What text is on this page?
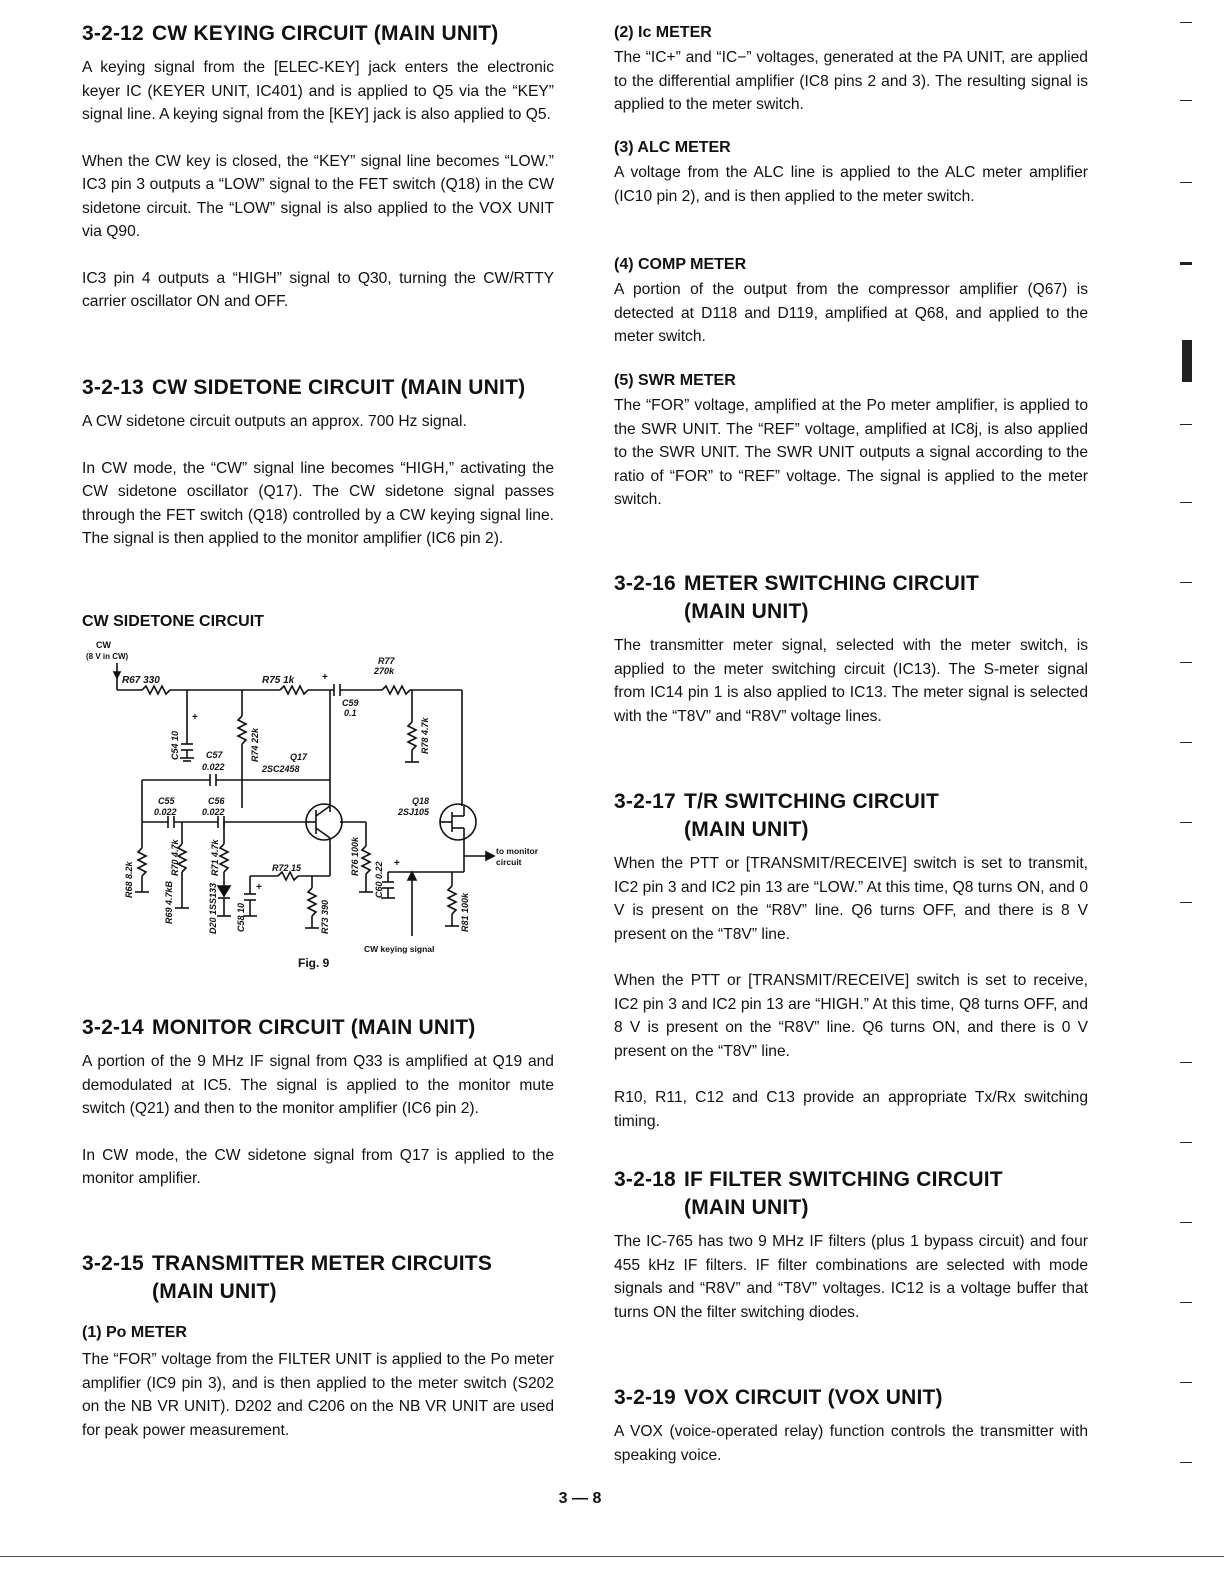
3-2-12 CW KEYING CIRCUIT (MAIN UNIT)

A keying signal from the [ELEC-KEY] jack enters the electronic keyer IC (KEYER UNIT, IC401) and is applied to Q5 via the “KEY” signal line. A keying signal from the [KEY] jack is also applied to Q5.

When the CW key is closed, the “KEY” signal line becomes “LOW.” IC3 pin 3 outputs a “LOW” signal to the FET switch (Q18) in the CW sidetone circuit. The “LOW” signal is also applied to the VOX UNIT via Q90.

IC3 pin 4 outputs a “HIGH” signal to Q30, turning the CW/RTTY carrier oscillator ON and OFF.

3-2-13 CW SIDETONE CIRCUIT (MAIN UNIT)

A CW sidetone circuit outputs an approx. 700 Hz signal.

In CW mode, the “CW” signal line becomes “HIGH,” activating the CW sidetone oscillator (Q17). The CW sidetone signal passes through the FET switch (Q18) controlled by a CW keying signal line. The signal is then applied to the monitor amplifier (IC6 pin 2).

CW SIDETONE CIRCUIT
CW
(8 V in CW)
R67 330	R75 1k	+
C59
0.1
R77
270k
+
C54 10	R74 22k
C57
0.022
Q17
2SC2458
C55
0.022
C56
0.022
Q18
2SJ105
R78 4.7k
R68 8.2k
R70 4.7k
R69 4.7kB
R71 4.7k
D20 1SS133	+
C58 10
R72 15
R73 390
R76 100k	+
C60 0.22
to monitor
circuit
R81 100k
CW keying signal
Fig. 9
3-2-14 MONITOR CIRCUIT (MAIN UNIT)

A portion of the 9 MHz IF signal from Q33 is amplified at Q19 and demodulated at IC5. The signal is applied to the monitor mute switch (Q21) and then to the monitor amplifier (IC6 pin 2).

In CW mode, the CW sidetone signal from Q17 is applied to the monitor amplifier.

3-2-15 TRANSMITTER METER CIRCUITS
(MAIN UNIT)
(1) Po METER

The “FOR” voltage from the FILTER UNIT is applied to the Po meter amplifier (IC9 pin 3), and is then applied to the meter switch (S202 on the NB VR UNIT). D202 and C206 on the NB VR UNIT are used for peak power measurement.

(2) Ic METER

The “IC+” and “IC−” voltages, generated at the PA UNIT, are applied to the differential amplifier (IC8 pins 2 and 3). The resulting signal is applied to the meter switch.

(3) ALC METER

A voltage from the ALC line is applied to the ALC meter amplifier (IC10 pin 2), and is then applied to the meter switch.

(4) COMP METER

A portion of the output from the compressor amplifier (Q67) is detected at D118 and D119, amplified at Q68, and applied to the meter switch.

(5) SWR METER

The “FOR” voltage, amplified at the Po meter amplifier, is applied to the SWR UNIT. The “REF” voltage, amplified at IC8j, is also applied to the SWR UNIT. The SWR UNIT outputs a signal according to the ratio of “FOR” to “REF” voltage. The signal is applied to the meter switch.

3-2-16 METER SWITCHING CIRCUIT
(MAIN UNIT)

The transmitter meter signal, selected with the meter switch, is applied to the meter switching circuit (IC13). The S-meter signal from IC14 pin 1 is also applied to IC13. The meter signal is selected with the “T8V” and “R8V” voltage lines.

3-2-17 T/R SWITCHING CIRCUIT
(MAIN UNIT)

When the PTT or [TRANSMIT/RECEIVE] switch is set to transmit, IC2 pin 3 and IC2 pin 13 are “LOW.” At this time, Q8 turns ON, and 0 V is present on the “R8V” line. Q6 turns OFF, and there is 8 V present on the “T8V” line.

When the PTT or [TRANSMIT/RECEIVE] switch is set to receive, IC2 pin 3 and IC2 pin 13 are “HIGH.” At this time, Q8 turns OFF, and 8 V is present on the “R8V” line. Q6 turns ON, and there is 0 V present on the “T8V” line.

R10, R11, C12 and C13 provide an appropriate Tx/Rx switching timing.

3-2-18 IF FILTER SWITCHING CIRCUIT
(MAIN UNIT)

The IC-765 has two 9 MHz IF filters (plus 1 bypass circuit) and four 455 kHz IF filters. IF filter combinations are selected with mode signals and “R8V” and “T8V” voltages. IC12 is a voltage buffer that turns ON the filter switching diodes.

3-2-19 VOX CIRCUIT (VOX UNIT)

A VOX (voice-operated relay) function controls the transmitter with speaking voice.

3 — 8
